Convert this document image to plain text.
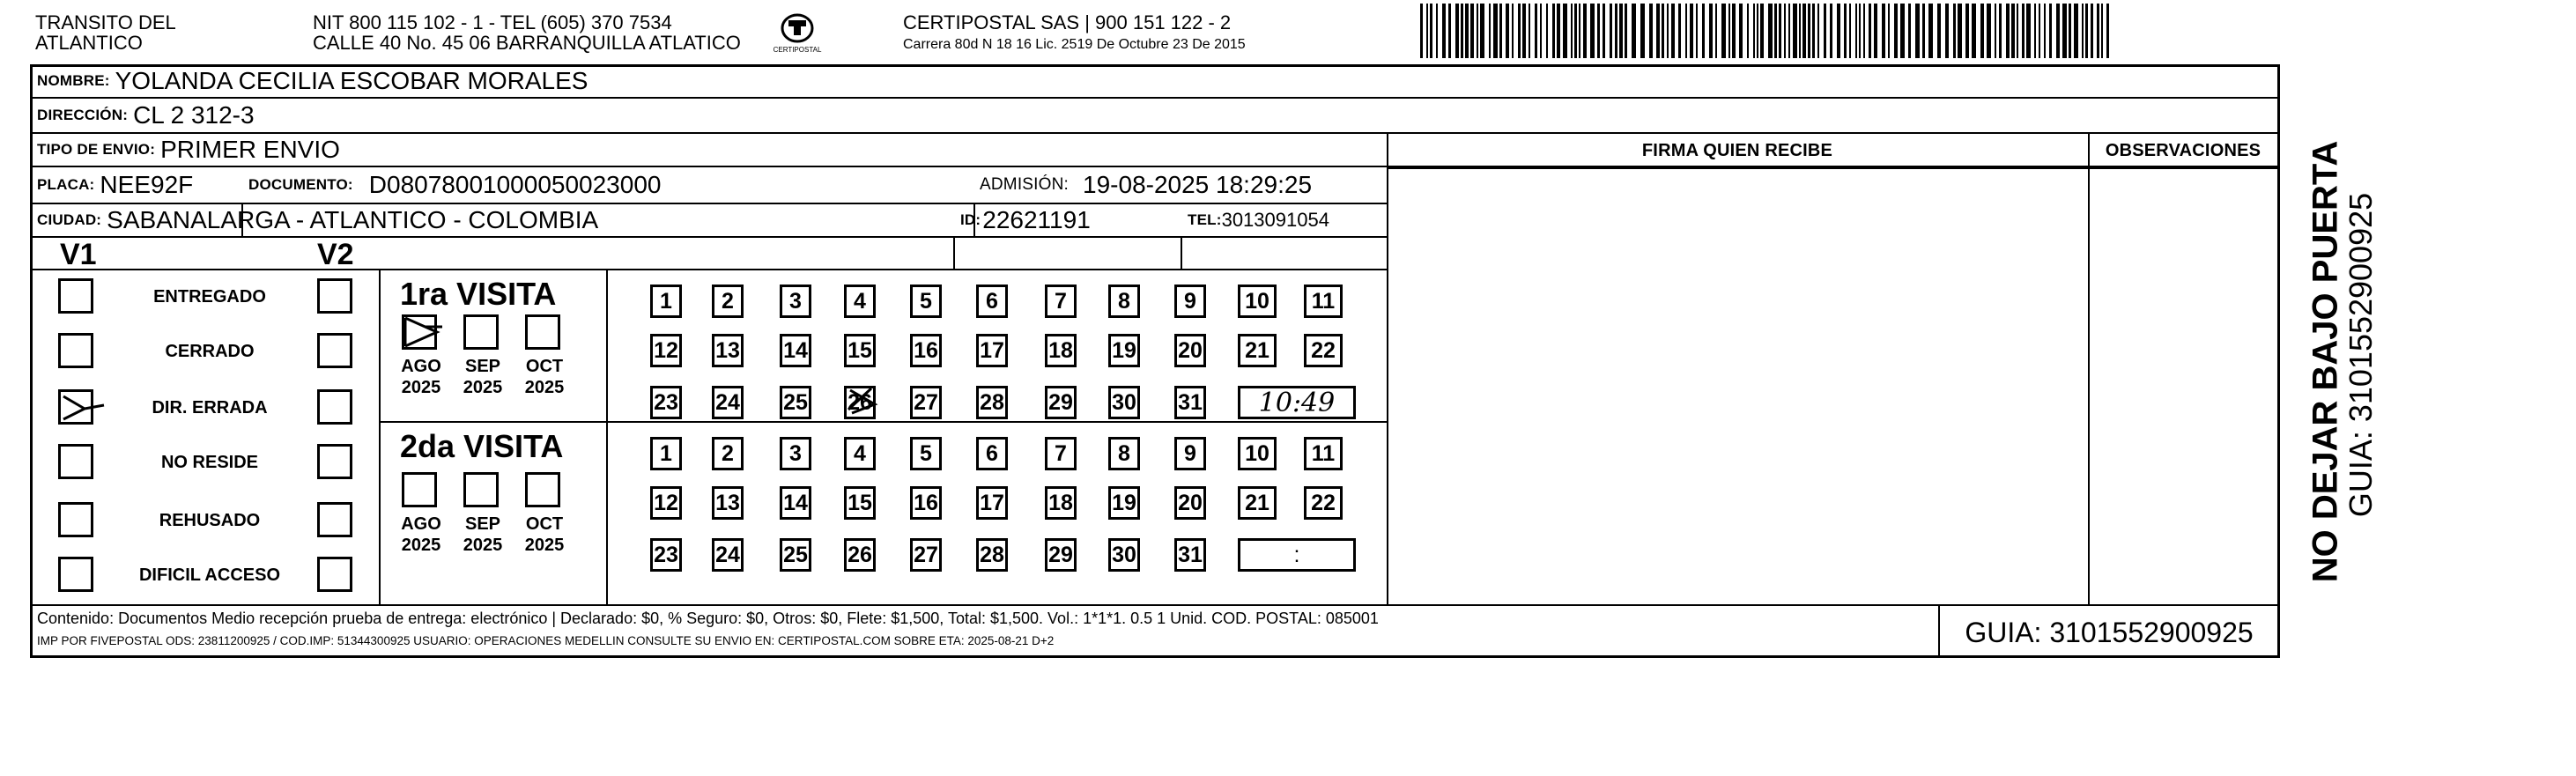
TRANSITO DEL
ATLANTICO
NIT 800 115 102 - 1 - TEL (605) 370 7534
CALLE 40 No. 45 06 BARRANQUILLA ATLATICO	CERTIPOSTAL
CERTIPOSTAL SAS | 900 151 122 - 2
Carrera 80d N 18 16 Lic. 2519 De Octubre 23 De 2015
NOMBRE: YOLANDA CECILIA ESCOBAR MORALES
DIRECCIÓN: CL 2 312-3
TIPO DE ENVIO: PRIMER ENVIO	FIRMA QUIEN RECIBE	OBSERVACIONES
PLACA: NEE92F	DOCUMENTO: D08078001000050023000	ADMISIÓN: 19-08-2025 18:29:25
CIUDAD: SABANALARGA - ATLANTICO - COLOMBIA	ID: 22621191	TEL: 3013091054
V1	V2
ENTREGADO
CERRADO
DIR. ERRADA
NO RESIDE
REHUSADO
DIFICIL ACCESO
1ra VISITA
AGO
2025
SEP
2025
OCT
2025
1	2	3	4	5	6	7	8	9	10	11
12 13 14 15 16 17 18 19 20	21	22
23 24 25 26 27 28 29 30 31	10:49
2da VISITA
AGO
2025
SEP
2025
OCT
2025
1	2	3	4	5	6	7	8	9	10	11
12 13 14 15 16 17 18 19 20	21	22
23 24 25 26 27 28 29 30 31	:
Contenido: Documentos Medio recepción prueba de entrega: electrónico | Declarado: $0, % Seguro: $0, Otros: $0, Flete: $1,500, Total: $1,500. Vol.: 1*1*1. 0.5 1 Unid. COD. POSTAL: 085001
IMP POR FIVEPOSTAL ODS: 23811200925 / COD.IMP: 51344300925 USUARIO: OPERACIONES MEDELLIN CONSULTE SU ENVIO EN: CERTIPOSTAL.COM SOBRE ETA: 2025-08-21 D+2	GUIA: 3101552900925
NO DEJAR BAJO PUERTA
GUIA: 3101552900925
